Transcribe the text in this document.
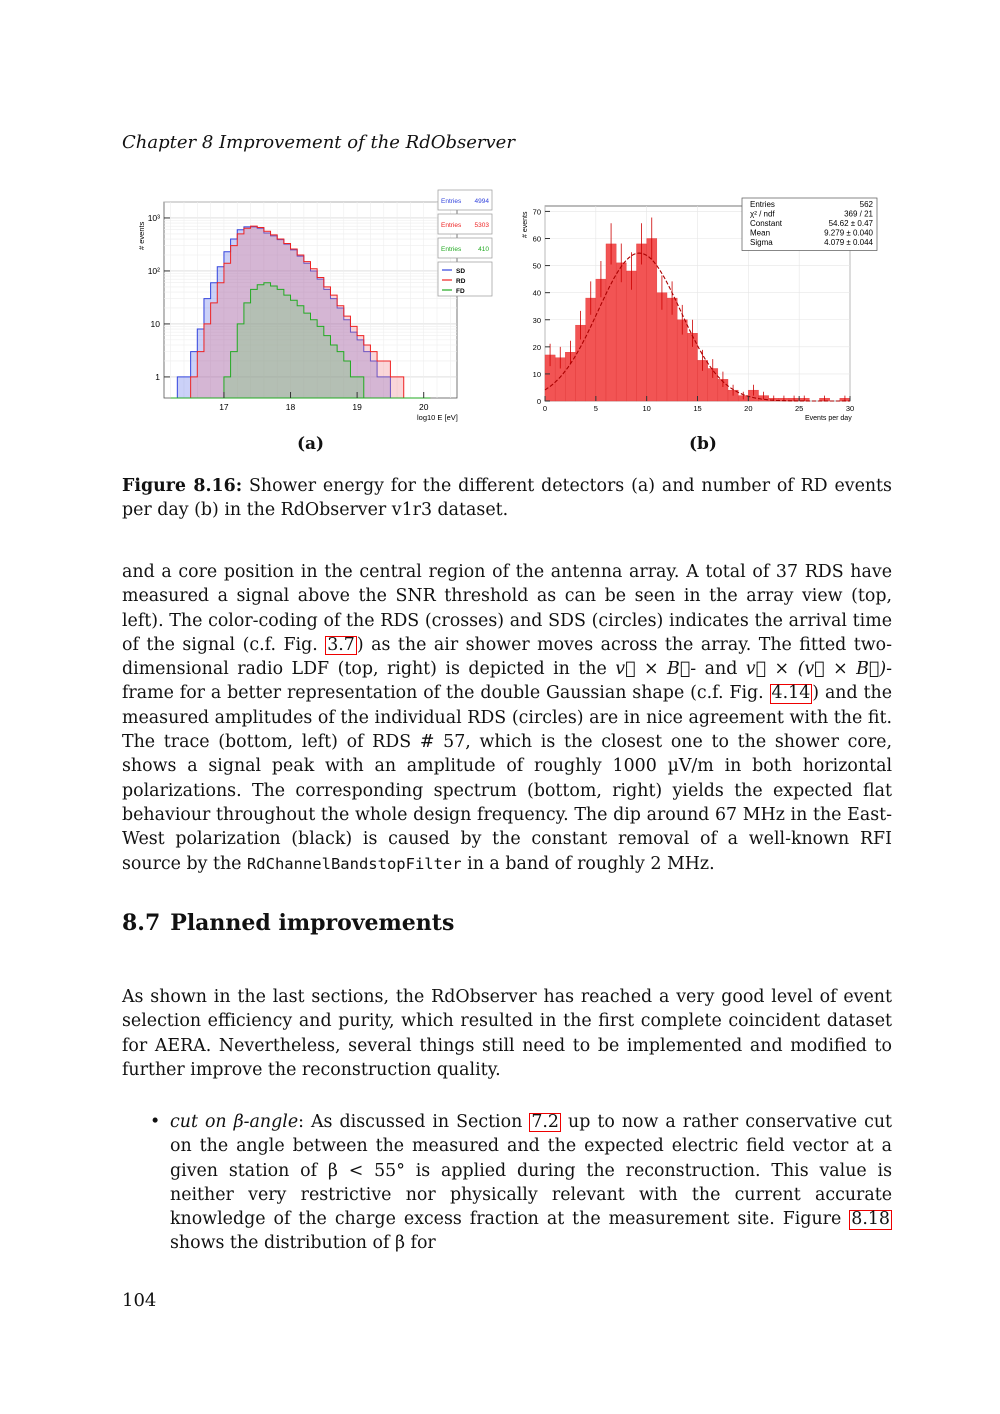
Chapter 8 Improvement of the RdObserver
17	18	19	20
1
10
10²
10³
log10 E [eV]
# events
Entries 4994
Entries 5303
Entries	410
SD
RD
FD
0	5	10	15	20	25	30
0
10
20
30
40
50
60
70
Events per day
# events
Entries	562
χ² / ndf	369 / 21
Constant	54.62 ± 0.47
Mean	9.279 ± 0.040
Sigma	4.079 ± 0.044
(a)	(b)
Figure 8.16: Shower energy for the different detectors (a) and number of RD events per day (b) in the RdObserver v1r3 dataset.
and a core position in the central region of the antenna array. A total of 37 RDS have measured a signal above the SNR threshold as can be seen in the array view (top, left). The color-coding of the RDS (crosses) and SDS (circles) indicates the arrival time of the signal (c.f. Fig. 3.7 ) as the air shower moves across the array. The fitted two-dimensional radio LDF (top, right) is depicted in the v⃗ × B⃗- and v⃗ × (v⃗ × B⃗)-frame for a better representation of the double Gaussian shape (c.f. Fig. 4.14 ) and the measured amplitudes of the individual RDS (circles) are in nice agreement with the fit. The trace (bottom, left) of RDS # 57, which is the closest one to the shower core, shows a signal peak with an amplitude of roughly 1000 µV/m in both horizontal polarizations. The corresponding spectrum (bottom, right) yields the expected flat behaviour throughout the whole design frequency. The dip around 67 MHz in the East-West polarization (black) is caused by the constant removal of a well-known RFI source by the RdChannelBandstopFilter in a band of roughly 2 MHz.
8.7 Planned improvements
As shown in the last sections, the RdObserver has reached a very good level of event selection efficiency and purity, which resulted in the first complete coincident dataset for AERA. Nevertheless, several things still need to be implemented and modified to further improve the reconstruction quality.
• cut on β-angle: As discussed in Section 7.2 up to now a rather conservative cut on the angle between the measured and the expected electric field vector at a given station of β < 55° is applied during the reconstruction. This value is neither very restrictive nor physically relevant with the current accurate knowledge of the charge excess fraction at the measurement site. Figure 8.18 shows the distribution of β for
104
